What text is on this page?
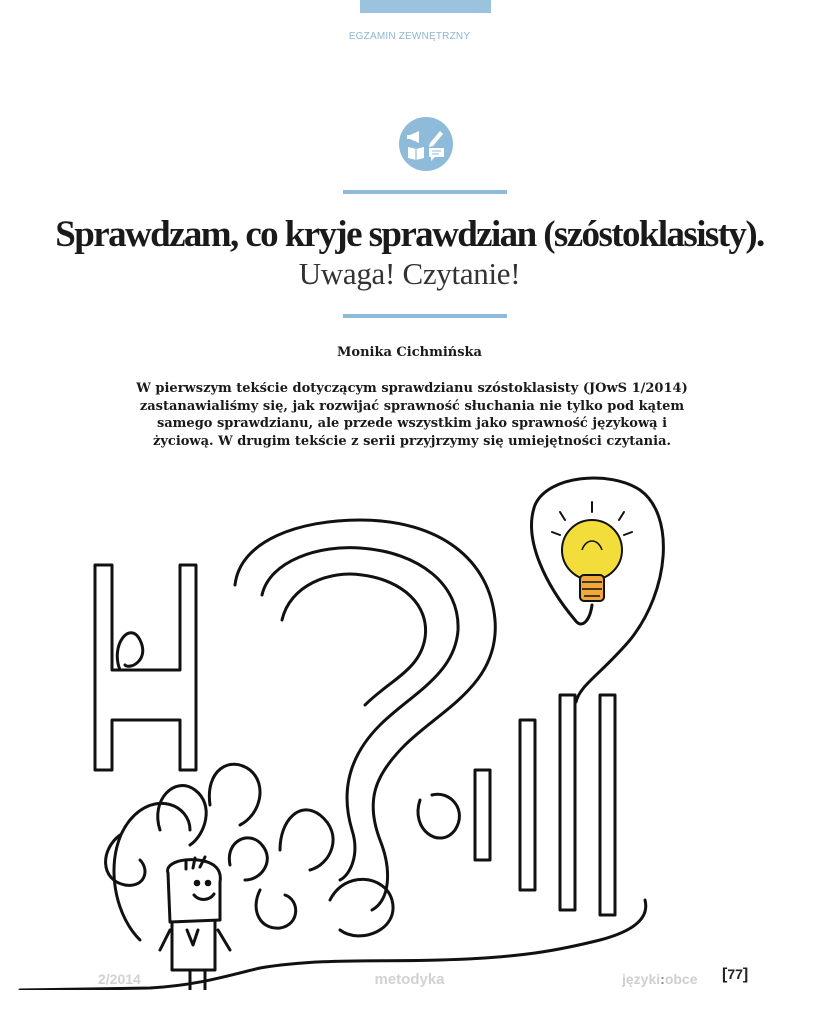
EGZAMIN ZEWNĘTRZNY
Sprawdzam, co kryje sprawdzian (szóstoklasisty).
Uwaga! Czytanie!
Monika Cichmińska
W pierwszym tekście dotyczącym sprawdzianu szóstoklasisty (JOwS 1/2014) zastanawialiśmy się, jak rozwijać sprawność słuchania nie tylko pod kątem samego sprawdzianu, ale przede wszystkim jako sprawność językową i życiową. W drugim tekście z serii przyjrzymy się umiejętności czytania.
2/2014	metodyka	języki:obce [77]
